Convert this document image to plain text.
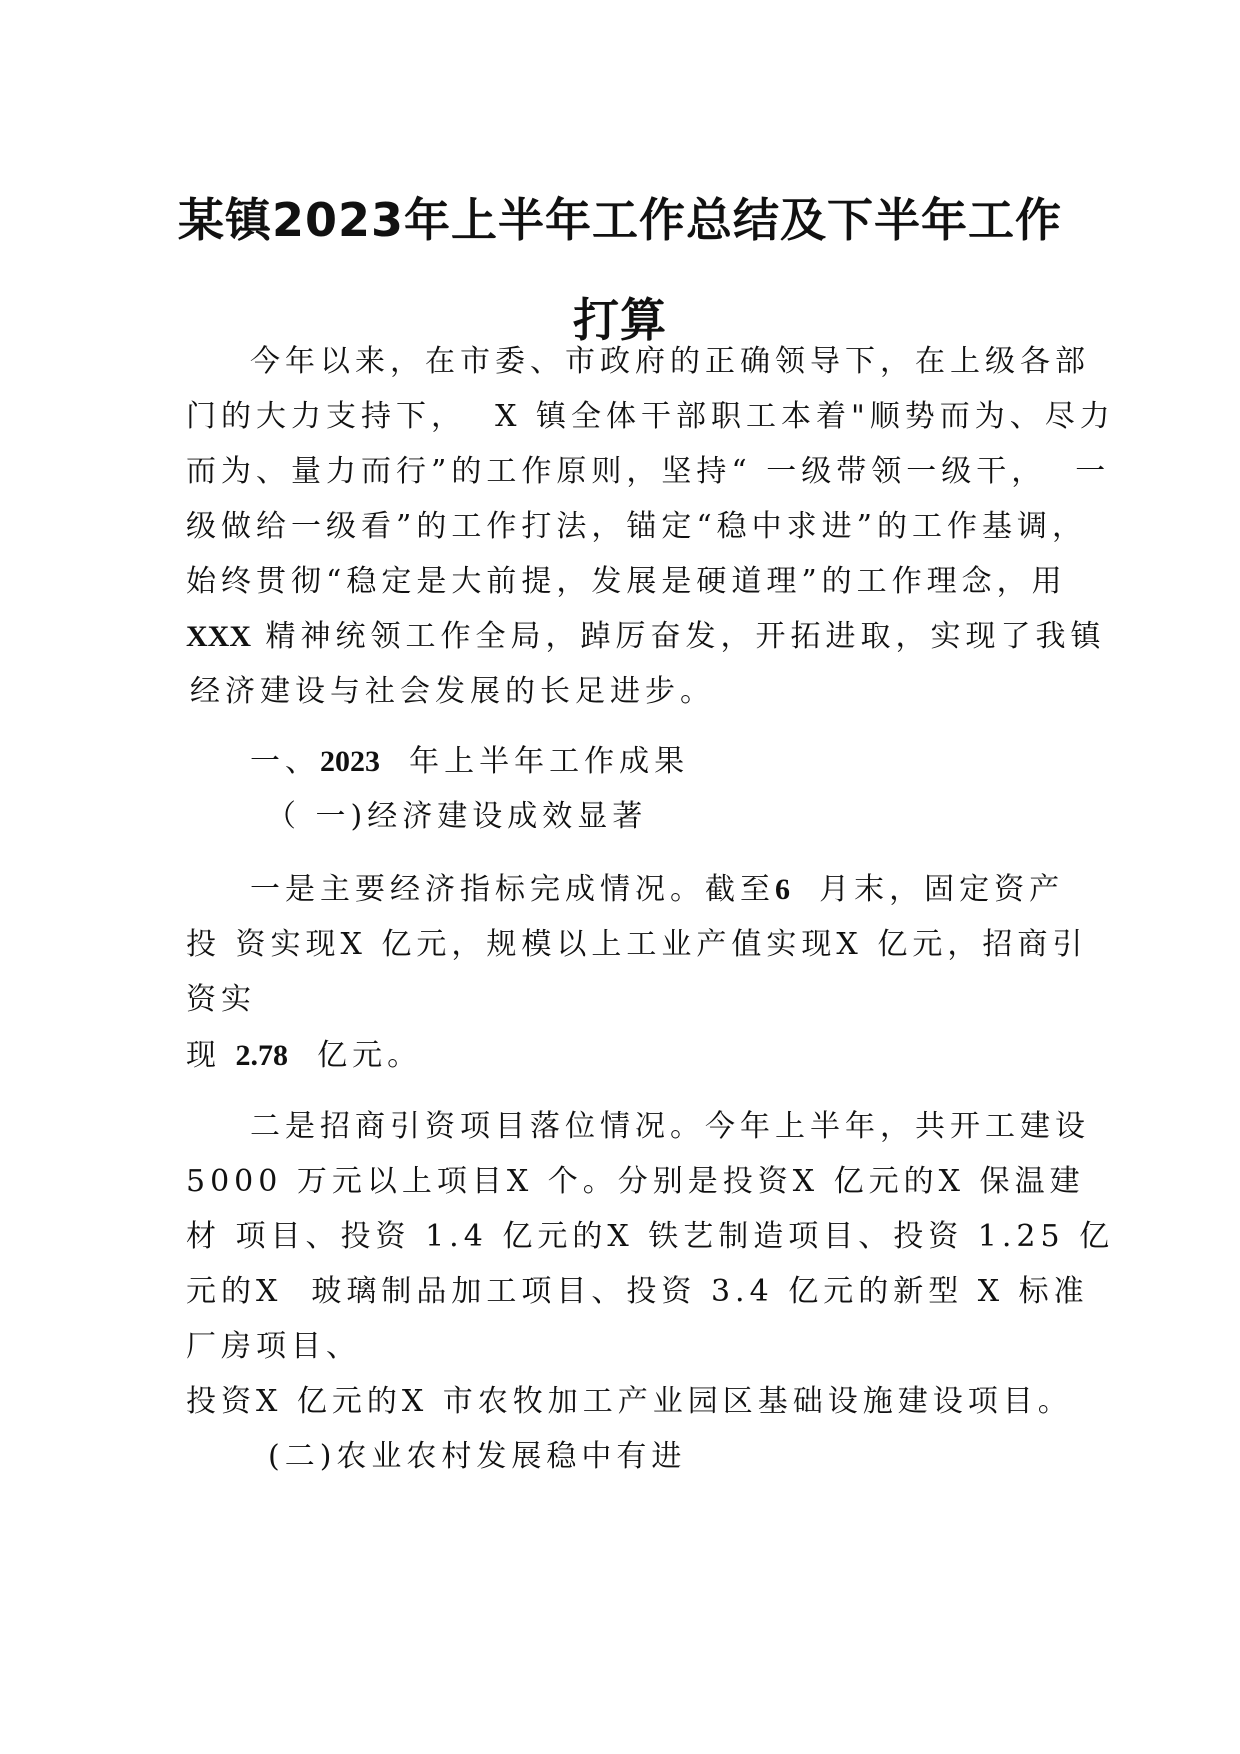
某镇2023年上半年工作总结及下半年工作
打算

今年以来，在市委、市政府的正确领导下，在上级各部

门的大力支持下，  X 镇全体干部职工本着"顺势而为、尽力

而为、量力而行”的工作原则，坚持“ 一级带领一级干，  一

级做给一级看”的工作打法，锚定“稳中求进”的工作基调，

始终贯彻“稳定是大前提，发展是硬道理”的工作理念，用

XXX 精神统领工作全局，踔厉奋发，开拓进取，实现了我镇

经济建设与社会发展的长足进步。

一、2023  年上半年工作成果

（ 一)经济建设成效显著

一是主要经济指标完成情况。截至6  月末，固定资产

投 资实现X 亿元，规模以上工业产值实现X 亿元，招商引

资实

现 2.78  亿元。

二是招商引资项目落位情况。今年上半年，共开工建设

5000 万元以上项目X 个。分别是投资X 亿元的X 保温建

材 项目、投资 1.4 亿元的X 铁艺制造项目、投资 1.25 亿

元的X  玻璃制品加工项目、投资 3.4 亿元的新型 X 标准

厂房项目、

投资X 亿元的X 市农牧加工产业园区基础设施建设项目。

(二)农业农村发展稳中有进
